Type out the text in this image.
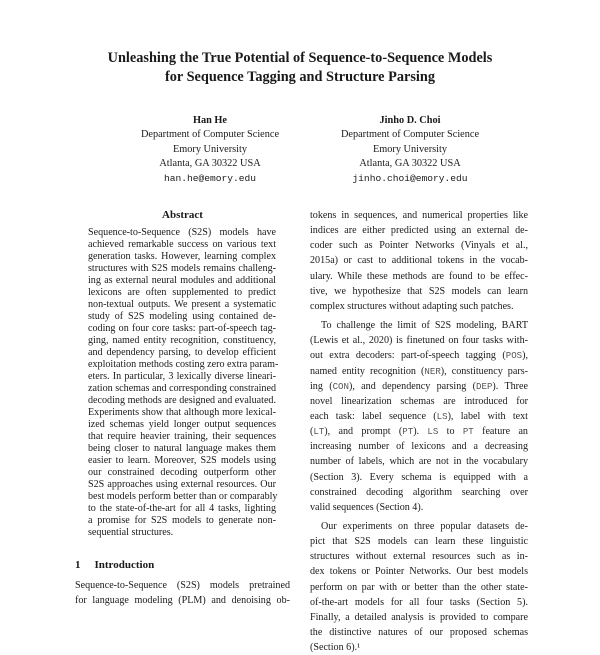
Unleashing the True Potential of Sequence-to-Sequence Models
for Sequence Tagging and Structure Parsing
Han He
Department of Computer Science
Emory University
Atlanta, GA 30322 USA
han.he@emory.edu
Jinho D. Choi
Department of Computer Science
Emory University
Atlanta, GA 30322 USA
jinho.choi@emory.edu
Abstract
Sequence-to-Sequence (S2S) models have
achieved remarkable success on various text
generation tasks. However, learning complex
structures with S2S models remains challeng-
ing as external neural modules and additional
lexicons are often supplemented to predict
non-textual outputs. We present a systematic
study of S2S modeling using contained de-
coding on four core tasks: part-of-speech tag-
ging, named entity recognition, constituency,
and dependency parsing, to develop efficient
exploitation methods costing zero extra param-
eters. In particular, 3 lexically diverse lineari-
zation schemas and corresponding constrained
decoding methods are designed and evaluated.
Experiments show that although more lexical-
ized schemas yield longer output sequences
that require heavier training, their sequences
being closer to natural language makes them
easier to learn. Moreover, S2S models using
our constrained decoding outperform other
S2S approaches using external resources. Our
best models perform better than or comparably
to the state-of-the-art for all 4 tasks, lighting
a promise for S2S models to generate non-
sequential structures.
1 Introduction
Sequence-to-Sequence (S2S) models pretrained
for language modeling (PLM) and denoising ob-
tokens in sequences, and numerical properties like
indices are either predicted using an external de-
coder such as Pointer Networks (Vinyals et al.,
2015a) or cast to additional tokens in the vocab-
ulary. While these methods are found to be effec-
tive, we hypothesize that S2S models can learn
complex structures without adapting such patches.
To challenge the limit of S2S modeling, BART
(Lewis et al., 2020) is finetuned on four tasks with-
out extra decoders: part-of-speech tagging (POS),
named entity recognition (NER), constituency pars-
ing (CON), and dependency parsing (DEP). Three
novel linearization schemas are introduced for
each task: label sequence (LS), label with text
(LT), and prompt (PT). LS to PT feature an
increasing number of lexicons and a decreasing
number of labels, which are not in the vocabulary
(Section 3). Every schema is equipped with a
constrained decoding algorithm searching over
valid sequences (Section 4).
Our experiments on three popular datasets de-
pict that S2S models can learn these linguistic
structures without external resources such as in-
dex tokens or Pointer Networks. Our best models
perform on par with or better than the other state-
of-the-art models for all four tasks (Section 5).
Finally, a detailed analysis is provided to compare
the distinctive natures of our proposed schemas
(Section 6).¹
